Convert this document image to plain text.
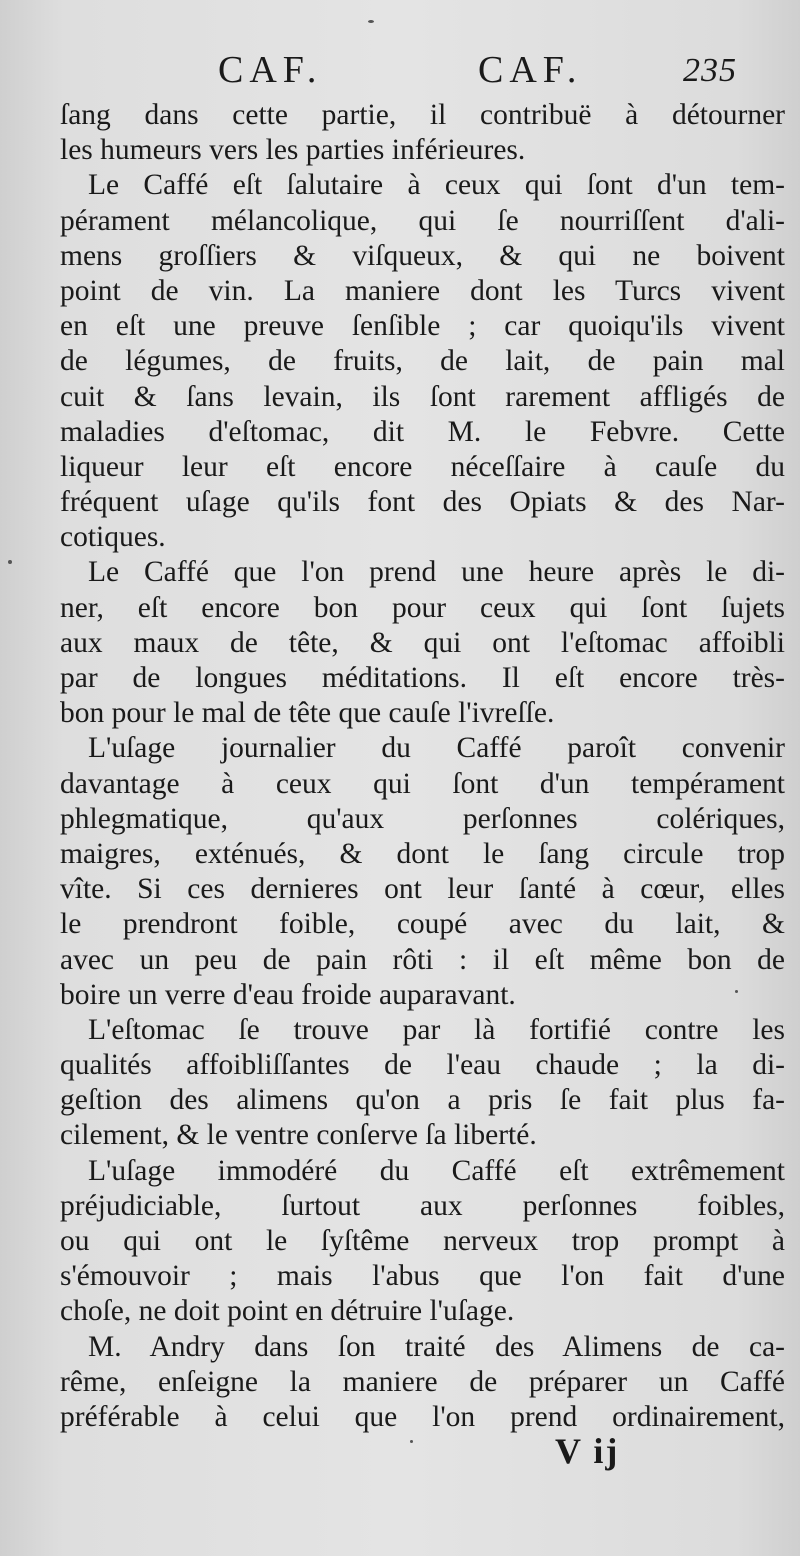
CAF.	CAF.	235
ſang dans cette partie, il contribuë à détourner
les humeurs vers les parties inférieures.
Le Caffé eſt ſalutaire à ceux qui ſont d'un tem-
pérament mélancolique, qui ſe nourriſſent d'ali-
mens groſſiers & viſqueux, & qui ne boivent
point de vin. La maniere dont les Turcs vivent
en eſt une preuve ſenſible ; car quoiqu'ils vivent
de légumes, de fruits, de lait, de pain mal
cuit & ſans levain, ils ſont rarement affligés de
maladies d'eſtomac, dit M. le Febvre. Cette
liqueur leur eſt encore néceſſaire à cauſe du
fréquent uſage qu'ils font des Opiats & des Nar-
cotiques.
Le Caffé que l'on prend une heure après le di-
ner, eſt encore bon pour ceux qui ſont ſujets
aux maux de tête, & qui ont l'eſtomac affoibli
par de longues méditations. Il eſt encore très-
bon pour le mal de tête que cauſe l'ivreſſe.
L'uſage journalier du Caffé paroît convenir
davantage à ceux qui ſont d'un tempérament
phlegmatique, qu'aux perſonnes colériques,
maigres, exténués, & dont le ſang circule trop
vîte. Si ces dernieres ont leur ſanté à cœur, elles
le prendront foible, coupé avec du lait, &
avec un peu de pain rôti : il eſt même bon de
boire un verre d'eau froide auparavant.
L'eſtomac ſe trouve par là fortifié contre les
qualités affoibliſſantes de l'eau chaude ; la di-
geſtion des alimens qu'on a pris ſe fait plus fa-
cilement, & le ventre conſerve ſa liberté.
L'uſage immodéré du Caffé eſt extrêmement
préjudiciable, ſurtout aux perſonnes foibles,
ou qui ont le ſyſtême nerveux trop prompt à
s'émouvoir ; mais l'abus que l'on fait d'une
choſe, ne doit point en détruire l'uſage.
M. Andry dans ſon traité des Alimens de ca-
rême, enſeigne la maniere de préparer un Caffé
préférable à celui que l'on prend ordinairement,
V ij
